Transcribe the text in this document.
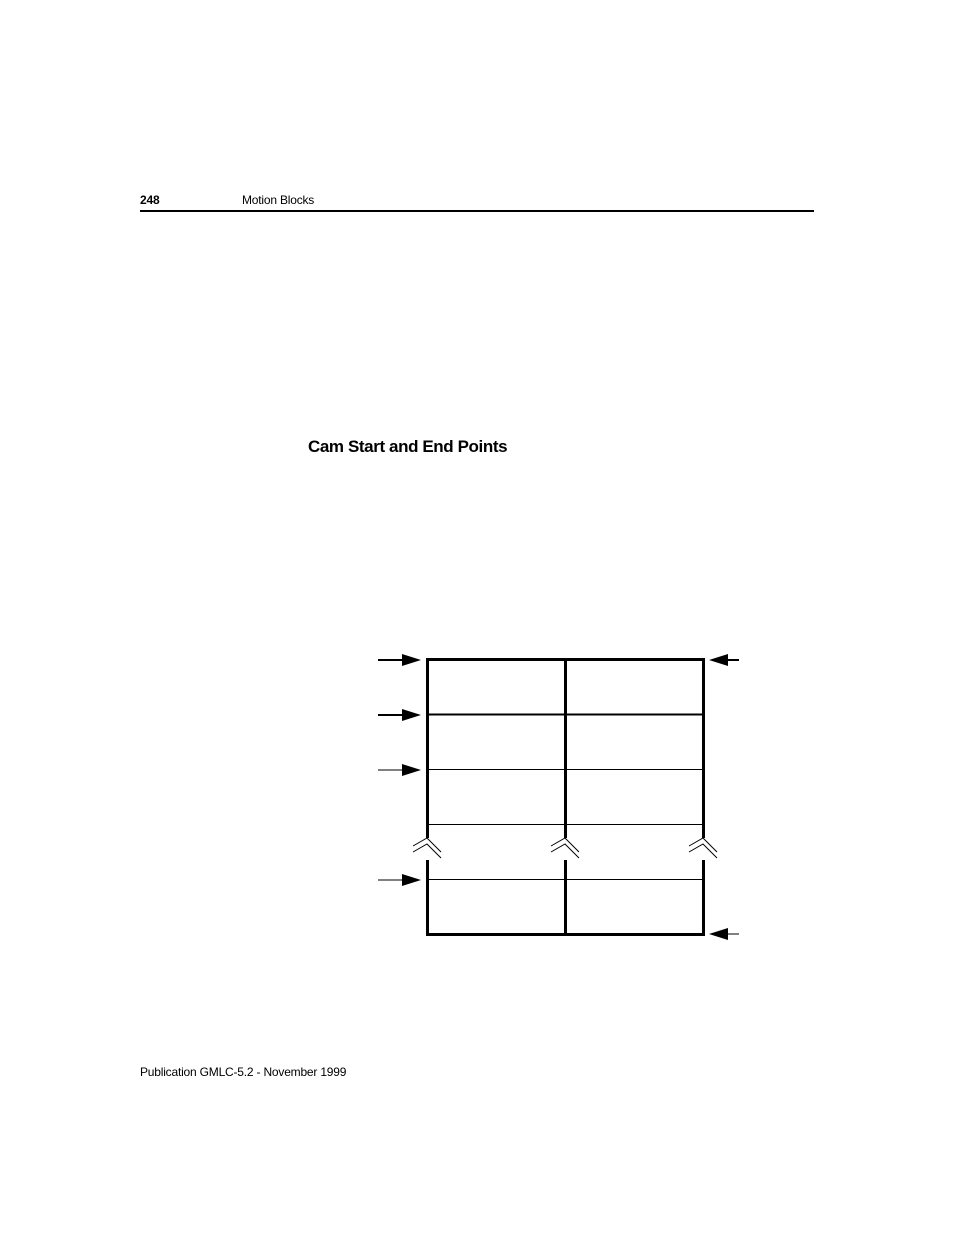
248	Motion Blocks
Cam Start and End Points
Publication GMLC-5.2 - November 1999
